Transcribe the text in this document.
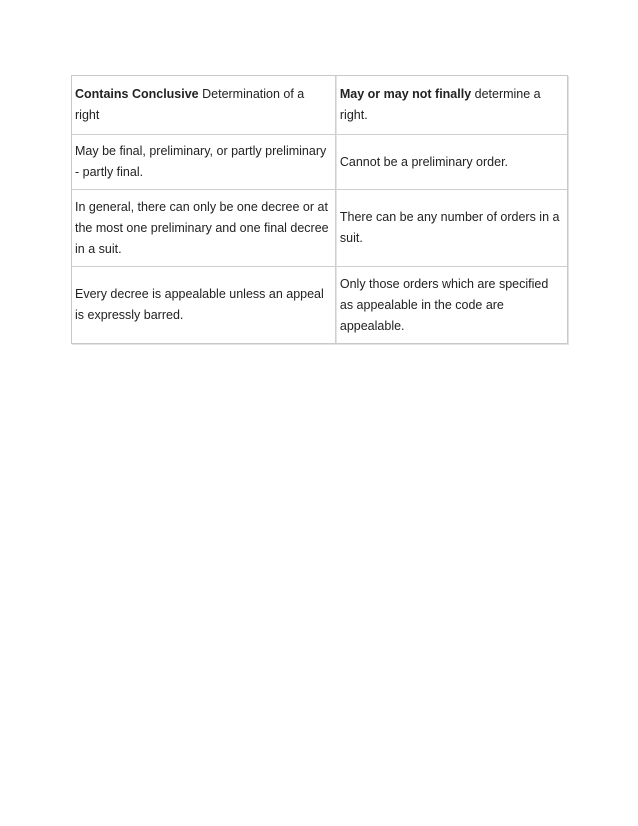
Contains Conclusive Determination of a right	May or may not finally determine a right.
May be final, preliminary, or partly preliminary - partly final.	Cannot be a preliminary order.
In general, there can only be one decree or at the most one preliminary and one final decree in a suit.	There can be any number of orders in a suit.
Every decree is appealable unless an appeal is expressly barred.	Only those orders which are specified as appealable in the code are appealable.
